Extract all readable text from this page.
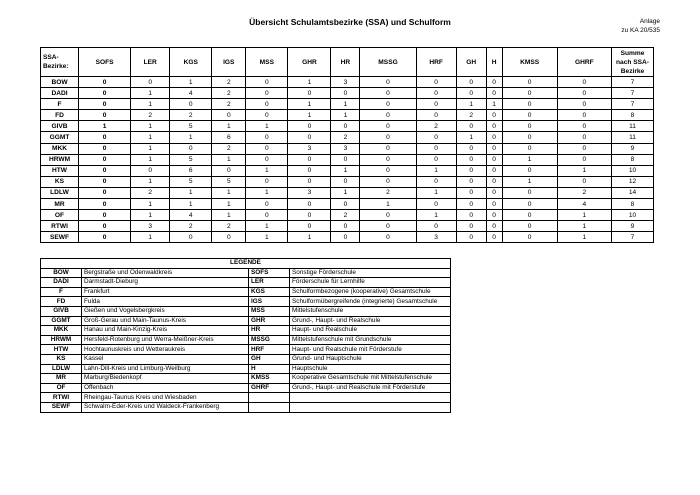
Übersicht Schulamtsbezirke (SSA) und Schulform	Anlage
zu KA 20/535
SSA-Bezirke:	SOFS	LER	KGS	IGS	MSS	GHR	HR	MSSG	HRF	GH	H	KMSS	GHRF	Summe nach SSA-Bezirke
BOW	0	0	1	2	0	1	3	0	0	0	0	0	0	7
DADI	0	1	4	2	0	0	0	0	0	0	0	0	0	7
F	0	1	0	2	0	1	1	0	0	1	1	0	0	7
FD	0	2	2	0	0	1	1	0	0	2	0	0	0	8
GIVB	1	1	5	1	1	0	0	0	2	0	0	0	0	11
GGMT	0	1	1	6	0	0	2	0	0	1	0	0	0	11
MKK	0	1	0	2	0	3	3	0	0	0	0	0	0	9
HRWM	0	1	5	1	0	0	0	0	0	0	0	1	0	8
HTW	0	0	6	0	1	0	1	0	1	0	0	0	1	10
KS	0	1	5	5	0	0	0	0	0	0	0	1	0	12
LDLW	0	2	1	1	1	3	1	2	1	0	0	0	2	14
MR	0	1	1	1	0	0	0	1	0	0	0	0	4	8
OF	0	1	4	1	0	0	2	0	1	0	0	0	1	10
RTWI	0	3	2	2	1	0	0	0	0	0	0	0	1	9
SEWF	0	1	0	0	1	1	0	0	3	0	0	0	1	7
LEGENDE			
BOW	Bergstraße und Odenwaldkreis	SOFS	Sonstige Förderschule
DADI	Darmstadt-Dieburg	LER	Förderschule für Lernhilfe
F	Frankfurt	KGS	Schulformbezogene (kooperative) Gesamtschule
FD	Fulda	IGS	Schulformübergreifende (integrierte) Gesamtschule
GIVB	Gießen und Vogelsbergkreis	MSS	Mittelstufenschule
GGMT	Groß-Gerau und Main-Taunus-Kreis	GHR	Grund-, Haupt- und Realschule
MKK	Hanau und Main-Kinzig-Kreis	HR	Haupt- und Realschule
HRWM	Hersfeld-Rotenburg und Werra-Meißner-Kreis	MSSG	Mittelstufenschule mit Grundschule
HTW	Hochtaunuskreis und Wetteraukreis	HRF	Haupt- und Realschule mit Förderstufe
KS	Kassel	GH	Grund- und Hauptschule
LDLW	Lahn-Dill-Kreis und Limburg-Weilburg	H	Hauptschule
MR	Marburg/Biedenkopf	KMSS	Kooperative Gesamtschule mit Mittelstufenschule
OF	Offenbach	GHRF	Grund-, Haupt- und Realschule mit Förderstufe
RTWI	Rheingau-Taunus Kreis und Wiesbaden		
SEWF	Schwalm-Eder-Kreis und Waldeck-Frankenberg		
